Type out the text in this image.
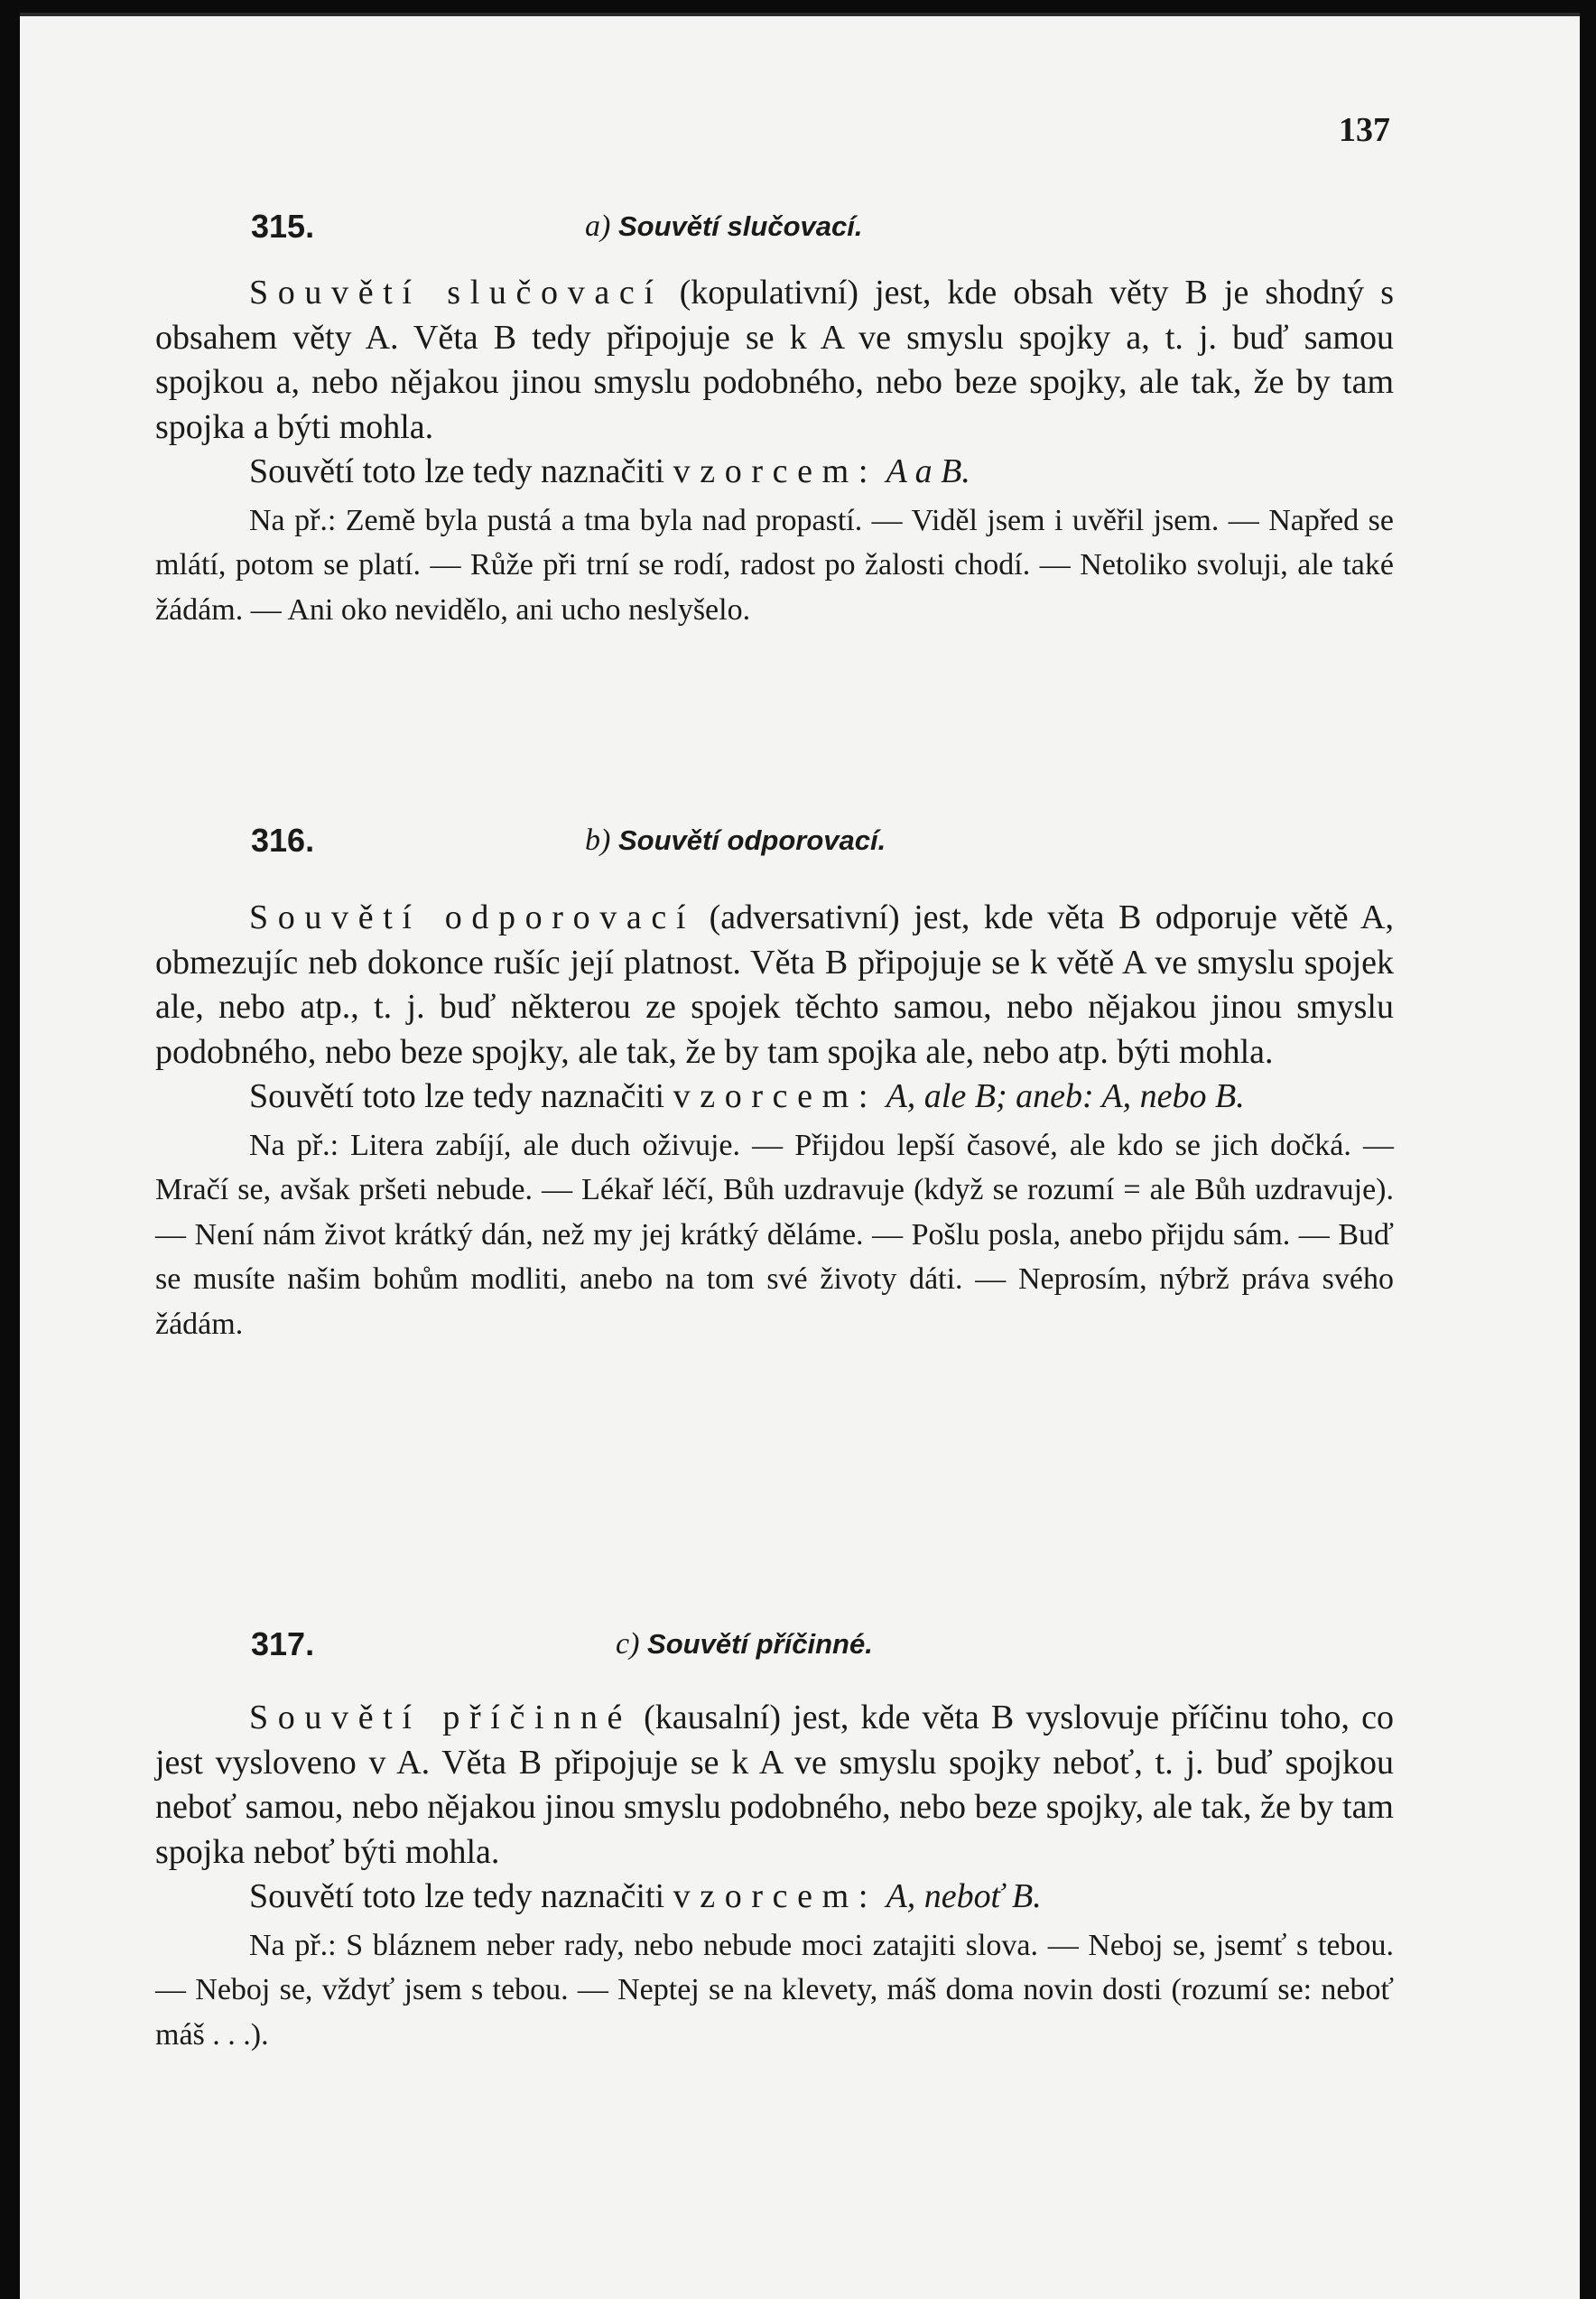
137
315.	a) Souvětí slučovací.

Souvětí slučovací (kopulativní) jest, kde obsah věty B je shodný s obsahem věty A. Věta B tedy připojuje se k A ve smyslu spojky a, t. j. buď samou spojkou a, nebo nějakou jinou smyslu podobného, nebo beze spojky, ale tak, že by tam spojka a býti mohla.

Souvětí toto lze tedy naznačiti vzorcem: A a B.

Na př.: Země byla pustá a tma byla nad propastí. — Viděl jsem i uvěřil jsem. — Napřed se mlátí, potom se platí. — Růže při trní se rodí, radost po žalosti chodí. — Netoliko svoluji, ale také žádám. — Ani oko nevidělo, ani ucho neslyšelo.

316.	b) Souvětí odporovací.

Souvětí odporovací (adversativní) jest, kde věta B odporuje větě A, obmezujíc neb dokonce rušíc její platnost. Věta B připojuje se k větě A ve smyslu spojek ale, nebo atp., t. j. buď některou ze spojek těchto samou, nebo nějakou jinou smyslu podobného, nebo beze spojky, ale tak, že by tam spojka ale, nebo atp. býti mohla.

Souvětí toto lze tedy naznačiti vzorcem: A, ale B; aneb: A, nebo B.

Na př.: Litera zabíjí, ale duch oživuje. — Přijdou lepší časové, ale kdo se jich dočká. — Mračí se, avšak pršeti nebude. — Lékař léčí, Bůh uzdravuje (když se rozumí = ale Bůh uzdravuje). — Není nám život krátký dán, než my jej krátký děláme. — Pošlu posla, anebo přijdu sám. — Buď se musíte našim bohům modliti, anebo na tom své životy dáti. — Neprosím, nýbrž práva svého žádám.

317.	c) Souvětí příčinné.

Souvětí příčinné (kausalní) jest, kde věta B vyslovuje příčinu toho, co jest vysloveno v A. Věta B připojuje se k A ve smyslu spojky neboť, t. j. buď spojkou neboť samou, nebo nějakou jinou smyslu podobného, nebo beze spojky, ale tak, že by tam spojka neboť býti mohla.

Souvětí toto lze tedy naznačiti vzorcem: A, neboť B.

Na př.: S bláznem neber rady, nebo nebude moci zatajiti slova. — Neboj se, jsemť s tebou. — Neboj se, vždyť jsem s tebou. — Neptej se na klevety, máš doma novin dosti (rozumí se: neboť máš . . .).
